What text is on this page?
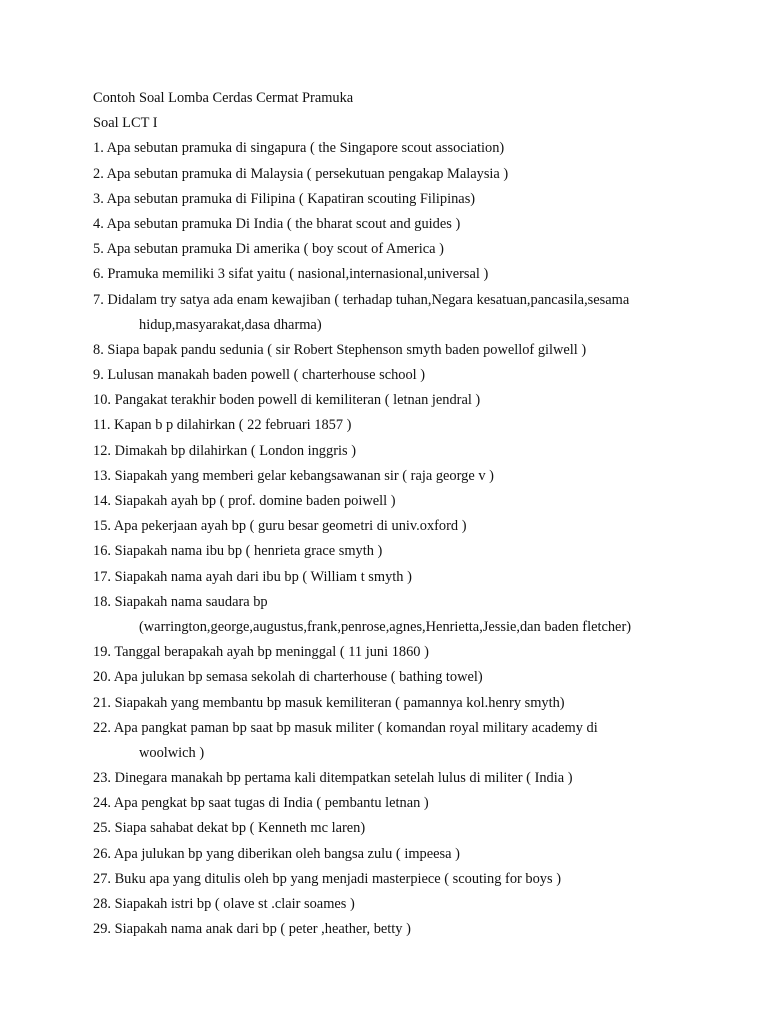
Contoh Soal Lomba Cerdas Cermat Pramuka
Soal LCT I
1. Apa sebutan pramuka di singapura ( the Singapore scout association)
2. Apa sebutan pramuka di Malaysia ( persekutuan pengakap Malaysia )
3. Apa sebutan pramuka di Filipina ( Kapatiran scouting Filipinas)
4. Apa sebutan pramuka Di India ( the bharat scout and guides )
5. Apa sebutan pramuka Di amerika ( boy scout of America )
6. Pramuka memiliki 3 sifat yaitu ( nasional,internasional,universal )
7. Didalam try satya ada enam kewajiban ( terhadap tuhan,Negara kesatuan,pancasila,sesama
hidup,masyarakat,dasa dharma)
8. Siapa bapak pandu sedunia ( sir Robert Stephenson smyth baden powellof gilwell )
9. Lulusan manakah baden powell ( charterhouse school )
10. Pangakat terakhir boden powell di kemiliteran ( letnan jendral )
11. Kapan b p dilahirkan ( 22 februari 1857 )
12. Dimakah bp dilahirkan ( London inggris )
13. Siapakah yang memberi gelar kebangsawanan sir ( raja george v )
14. Siapakah ayah bp ( prof. domine baden poiwell )
15. Apa pekerjaan ayah bp ( guru besar geometri di univ.oxford )
16. Siapakah nama ibu bp ( henrieta grace smyth )
17. Siapakah nama ayah dari ibu bp ( William t smyth )
18. Siapakah nama saudara bp
(warrington,george,augustus,frank,penrose,agnes,Henrietta,Jessie,dan baden fletcher)
19. Tanggal berapakah ayah bp meninggal ( 11 juni 1860 )
20. Apa julukan bp semasa sekolah di charterhouse ( bathing towel)
21. Siapakah yang membantu bp masuk kemiliteran ( pamannya kol.henry smyth)
22. Apa pangkat paman bp saat bp masuk militer ( komandan royal military academy di
woolwich )
23. Dinegara manakah bp pertama kali ditempatkan setelah lulus di militer ( India )
24. Apa pengkat bp saat tugas di India ( pembantu letnan )
25. Siapa sahabat dekat bp ( Kenneth mc laren)
26. Apa julukan bp yang diberikan oleh bangsa zulu ( impeesa )
27. Buku apa yang ditulis oleh bp yang menjadi masterpiece ( scouting for boys )
28. Siapakah istri bp ( olave st .clair soames )
29. Siapakah nama anak dari bp ( peter ,heather, betty )
